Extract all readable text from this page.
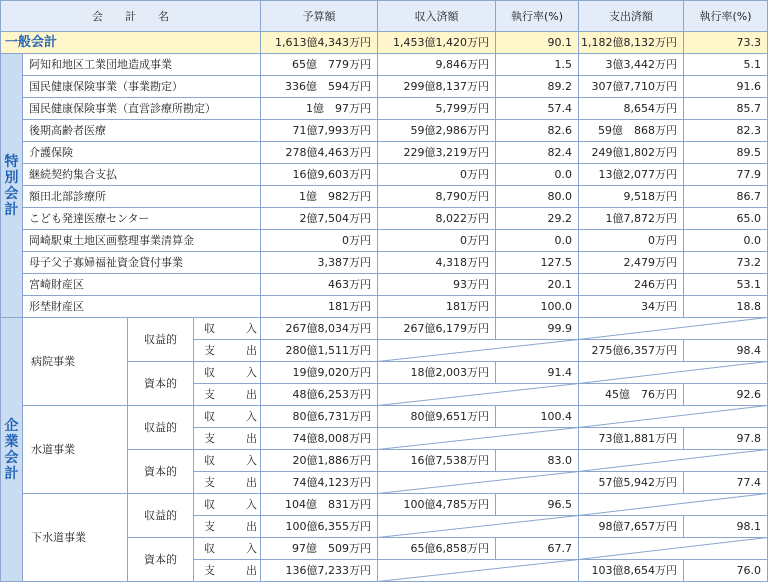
会　　計　　名				予算額	収入済額	執行率(%)	支出済額	執行率(%)
一般会計				1,613億4,343万円	1,453億1,420万円	90.1	1,182億8,132万円	73.3
特別会計	阿知和地区工業団地造成事業			65億　779万円	9,846万円	1.5	3億3,442万円	5.1
	国民健康保険事業（事業勘定）			336億　594万円	299億8,137万円	89.2	307億7,710万円	91.6
	国民健康保険事業（直営診療所勘定）			1億　97万円	5,799万円	57.4	8,654万円	85.7
	後期高齢者医療			71億7,993万円	59億2,986万円	82.6	59億　868万円	82.3
	介護保険			278億4,463万円	229億3,219万円	82.4	249億1,802万円	89.5
	継続契約集合支払			16億9,603万円	0万円	0.0	13億2,077万円	77.9
	額田北部診療所			1億　982万円	8,790万円	80.0	9,518万円	86.7
	こども発達医療センター			2億7,504万円	8,022万円	29.2	1億7,872万円	65.0
	岡崎駅東土地区画整理事業清算金			0万円	0万円	0.0	0万円	0.0
	母子父子寡婦福祉資金貸付事業			3,387万円	4,318万円	127.5	2,479万円	73.2
	宮崎財産区			463万円	93万円	20.1	246万円	53.1
	形埜財産区			181万円	181万円	100.0	34万円	18.8
企業会計	病院事業	収益的	収　入	267億8,034万円	267億6,179万円	99.9		
			支　出	280億1,511万円			275億6,357万円	98.4
		資本的	収　入	19億9,020万円	18億2,003万円	91.4		
			支　出	48億6,253万円			45億　76万円	92.6
	水道事業	収益的	収　入	80億6,731万円	80億9,651万円	100.4		
			支　出	74億8,008万円			73億1,881万円	97.8
		資本的	収　入	20億1,886万円	16億7,538万円	83.0		
			支　出	74億4,123万円			57億5,942万円	77.4
	下水道事業	収益的	収　入	104億　831万円	100億4,785万円	96.5		
			支　出	100億6,355万円			98億7,657万円	98.1
		資本的	収　入	97億　509万円	65億6,858万円	67.7		
			支　出	136億7,233万円			103億8,654万円	76.0
